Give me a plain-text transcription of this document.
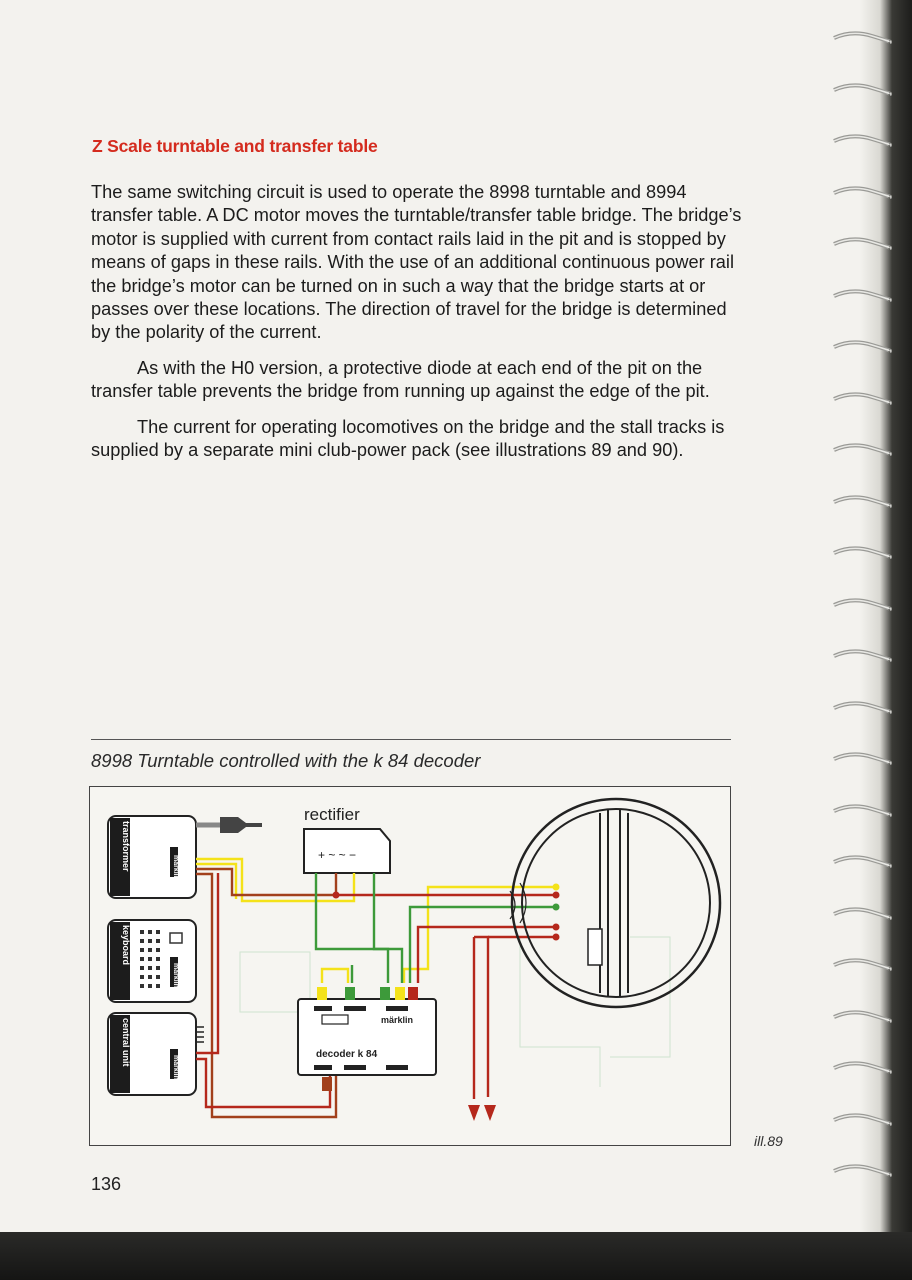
Z Scale turntable and transfer table

The same switching circuit is used to operate the 8998 turntable and 8994 transfer table. A DC motor moves the turntable/transfer table bridge. The bridge’s motor is supplied with current from contact rails laid in the pit and is stopped by means of gaps in these rails. With the use of an additional continuous power rail the bridge’s motor can be turned on in such a way that the bridge starts at or passes over these locations. The direction of travel for the bridge is determined by the polarity of the current.

As with the H0 version, a protective diode at each end of the pit on the transfer table prevents the bridge from running up against the edge of the pit.

The current for operating locomotives on the bridge and the stall tracks is supplied by a separate mini club-power pack (see illustrations 89 and 90).

8998 Turntable controlled with the k 84 decoder
transformer
keyboard
central unit
rectifier
+ ~ ~ −
märklin
decoder k 84
märklin
märklin
märklin
ill.89
136
